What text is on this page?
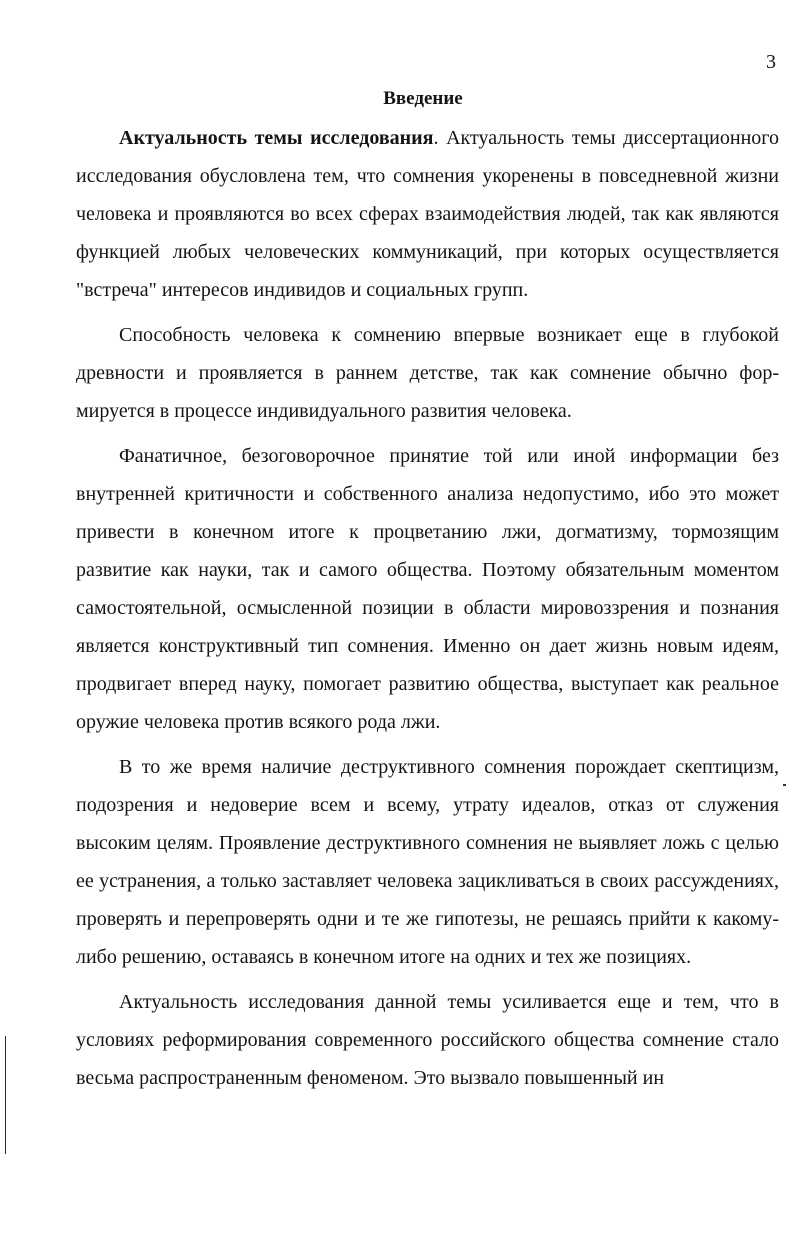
3
Введение

Актуальность темы исследования. Актуальность темы диссертационного исследования обусловлена тем, что сомнения укоренены в повседневной жизни человека и проявляются во всех сферах взаимодействия людей, так как являются функцией любых человеческих коммуникаций, при которых осуществляется "встреча" интересов индивидов и социальных групп.

Способность человека к сомнению впервые возникает еще в глубокой древности и проявляется в раннем детстве, так как сомнение обычно формируется в процессе индивидуального развития человека.

Фанатичное, безоговорочное принятие той или иной информации без внутренней критичности и собственного анализа недопустимо, ибо это может привести в конечном итоге к процветанию лжи, догматизму, тормозящим развитие как науки, так и самого общества. Поэтому обязательным моментом самостоятельной, осмысленной позиции в области мировоззрения и познания является конструктивный тип сомнения. Именно он дает жизнь новым идеям, продвигает вперед науку, помогает развитию общества, выступает как реальное оружие человека против всякого рода лжи.

В то же время наличие деструктивного сомнения порождает скептицизм, подозрения и недоверие всем и всему, утрату идеалов, отказ от служения высоким целям. Проявление деструктивного сомнения не выявляет ложь с целью ее устранения, а только заставляет человека зацикливаться в своих рассуждениях, проверять и перепроверять одни и те же гипотезы, не решаясь прийти к какому-либо решению, оставаясь в конечном итоге на одних и тех же позициях.

Актуальность исследования данной темы усиливается еще и тем, что в условиях реформирования современного российского общества сомнение стало весьма распространенным феноменом. Это вызвало повышенный ин
